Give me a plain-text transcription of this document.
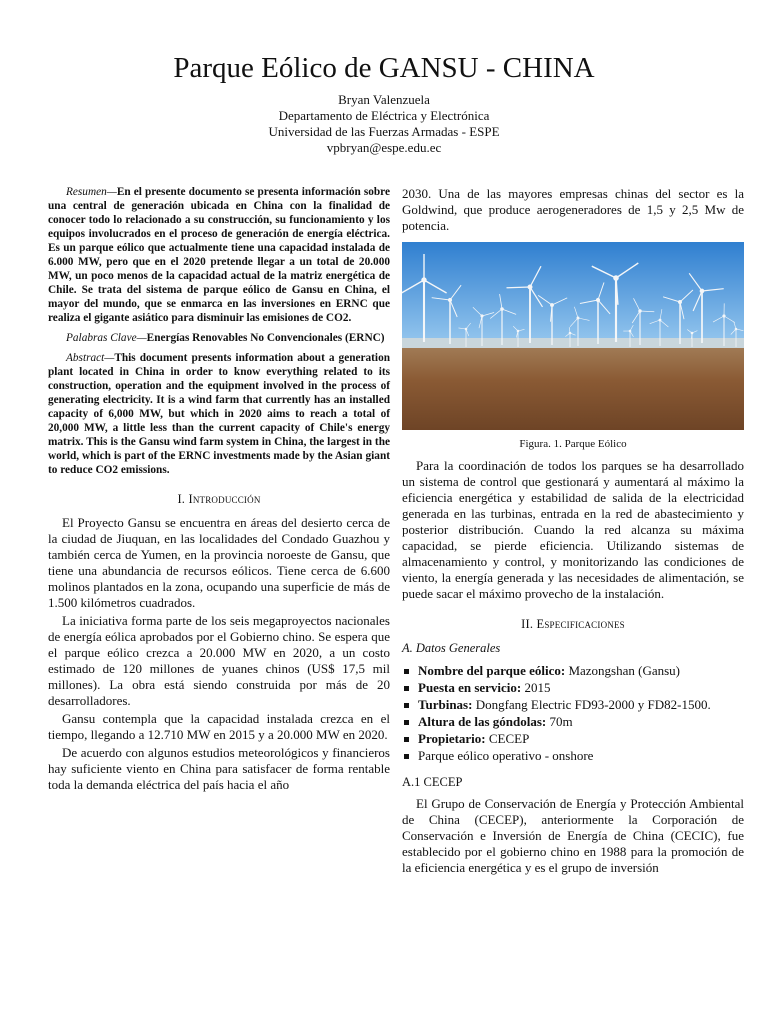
Parque Eólico de GANSU - CHINA
Bryan Valenzuela
Departamento de Eléctrica y Electrónica
Universidad de las Fuerzas Armadas - ESPE
vpbryan@espe.edu.ec

Resumen—En el presente documento se presenta información sobre una central de generación ubicada en China con la finalidad de conocer todo lo relacionado a su construcción, su funcionamiento y los equipos involucrados en el proceso de generación de energía eléctrica. Es un parque eólico que actualmente tiene una capacidad instalada de 6.000 MW, pero que en el 2020 pretende llegar a un total de 20.000 MW, un poco menos de la capacidad actual de la matriz energética de Chile. Se trata del sistema de parque eólico de Gansu en China, el mayor del mundo, que se enmarca en las inversiones en ERNC que realiza el gigante asiático para disminuir las emisiones de CO2.

Palabras Clave—Energías Renovables No Convencionales (ERNC)

Abstract—This document presents information about a generation plant located in China in order to know everything related to its construction, operation and the equipment involved in the process of generating electricity. It is a wind farm that currently has an installed capacity of 6,000 MW, but which in 2020 aims to reach a total of 20,000 MW, a little less than the current capacity of Chile's energy matrix. This is the Gansu wind farm system in China, the largest in the world, which is part of the ERNC investments made by the Asian giant to reduce CO2 emissions.

I. Introducción

El Proyecto Gansu se encuentra en áreas del desierto cerca de la ciudad de Jiuquan, en las localidades del Condado Guazhou y también cerca de Yumen, en la provincia noroeste de Gansu, que tiene una abundancia de recursos eólicos. Tiene cerca de 6.600 molinos plantados en la zona, ocupando una superficie de más de 1.500 kilómetros cuadrados.

La iniciativa forma parte de los seis megaproyectos nacionales de energía eólica aprobados por el Gobierno chino. Se espera que el parque eólico crezca a 20.000 MW en 2020, a un costo estimado de 120 millones de yuanes chinos (US$ 17,5 mil millones). La obra está siendo construida por más de 20 desarrolladores.

Gansu contempla que la capacidad instalada crezca en el tiempo, llegando a 12.710 MW en 2015 y a 20.000 MW en 2020.

De acuerdo con algunos estudios meteorológicos y financieros hay suficiente viento en China para satisfacer de forma rentable toda la demanda eléctrica del país hacia el año

2030. Una de las mayores empresas chinas del sector es la Goldwind, que produce aerogeneradores de 1,5 y 2,5 Mw de potencia.

Figura. 1. Parque Eólico

Para la coordinación de todos los parques se ha desarrollado un sistema de control que gestionará y aumentará al máximo la eficiencia energética y estabilidad de salida de la electricidad generada en las turbinas, entrada en la red de abastecimiento y posterior distribución. Cuando la red alcanza su máxima capacidad, se pierde eficiencia. Utilizando sistemas de almacenamiento y control, y monitorizando las condiciones de viento, la energía generada y las necesidades de alimentación, se puede sacar el máximo provecho de la instalación.

II. Especificaciones
A. Datos Generales
Nombre del parque eólico: Mazongshan (Gansu)
Puesta en servicio: 2015
Turbinas: Dongfang Electric FD93-2000 y FD82-1500.
Altura de las góndolas: 70m
Propietario: CECEP
Parque eólico operativo - onshore
A.1 CECEP

El Grupo de Conservación de Energía y Protección Ambiental de China (CECEP), anteriormente la Corporación de Conservación e Inversión de Energía de China (CECIC), fue establecido por el gobierno chino en 1988 para la promoción de la eficiencia energética y es el grupo de inversión
